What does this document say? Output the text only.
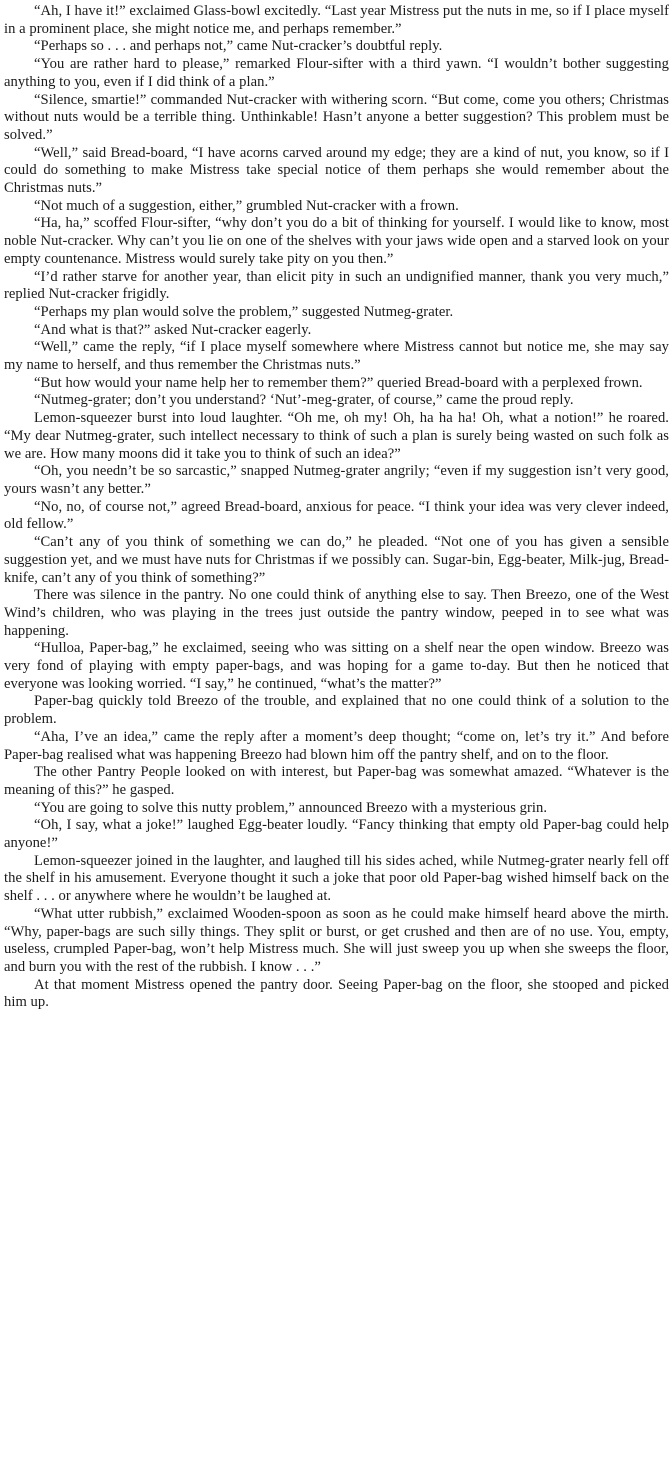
“Ah, I have it!” exclaimed Glass-bowl excitedly. “Last year Mistress put the nuts in me, so if I place myself in a prominent place, she might notice me, and perhaps remember.”

“Perhaps so . . . and perhaps not,” came Nut-cracker’s doubtful reply.

“You are rather hard to please,” remarked Flour-sifter with a third yawn. “I wouldn’t bother suggesting anything to you, even if I did think of a plan.”

“Silence, smartie!” commanded Nut-cracker with withering scorn. “But come, come you others; Christmas without nuts would be a terrible thing. Unthinkable! Hasn’t anyone a better suggestion? This problem must be solved.”

“Well,” said Bread-board, “I have acorns carved around my edge; they are a kind of nut, you know, so if I could do something to make Mistress take special notice of them perhaps she would remember about the Christmas nuts.”

“Not much of a suggestion, either,” grumbled Nut-cracker with a frown.

“Ha, ha,” scoffed Flour-sifter, “why don’t you do a bit of thinking for yourself. I would like to know, most noble Nut-cracker. Why can’t you lie on one of the shelves with your jaws wide open and a starved look on your empty countenance. Mistress would surely take pity on you then.”

“I’d rather starve for another year, than elicit pity in such an undignified manner, thank you very much,” replied Nut-cracker frigidly.

“Perhaps my plan would solve the problem,” suggested Nutmeg-grater.

“And what is that?” asked Nut-cracker eagerly.

“Well,” came the reply, “if I place myself somewhere where Mistress cannot but notice me, she may say my name to herself, and thus remember the Christmas nuts.”

“But how would your name help her to remember them?” queried Bread-board with a perplexed frown.

“Nutmeg-grater; don’t you understand? ‘Nut’-meg-grater, of course,” came the proud reply.

Lemon-squeezer burst into loud laughter. “Oh me, oh my! Oh, ha ha ha! Oh, what a notion!” he roared. “My dear Nutmeg-grater, such intellect necessary to think of such a plan is surely being wasted on such folk as we are. How many moons did it take you to think of such an idea?”

“Oh, you needn’t be so sarcastic,” snapped Nutmeg-grater angrily; “even if my suggestion isn’t very good, yours wasn’t any better.”

“No, no, of course not,” agreed Bread-board, anxious for peace. “I think your idea was very clever indeed, old fellow.”

“Can’t any of you think of something we can do,” he pleaded. “Not one of you has given a sensible suggestion yet, and we must have nuts for Christmas if we possibly can. Sugar-bin, Egg-beater, Milk-jug, Bread-knife, can’t any of you think of something?”

There was silence in the pantry. No one could think of anything else to say. Then Breezo, one of the West Wind’s children, who was playing in the trees just outside the pantry window, peeped in to see what was happening.

“Hulloa, Paper-bag,” he exclaimed, seeing who was sitting on a shelf near the open window. Breezo was very fond of playing with empty paper-bags, and was hoping for a game to-day. But then he noticed that everyone was looking worried. “I say,” he continued, “what’s the matter?”

Paper-bag quickly told Breezo of the trouble, and explained that no one could think of a solution to the problem.

“Aha, I’ve an idea,” came the reply after a moment’s deep thought; “come on, let’s try it.” And before Paper-bag realised what was happening Breezo had blown him off the pantry shelf, and on to the floor.

The other Pantry People looked on with interest, but Paper-bag was somewhat amazed. “Whatever is the meaning of this?” he gasped.

“You are going to solve this nutty problem,” announced Breezo with a mysterious grin.

“Oh, I say, what a joke!” laughed Egg-beater loudly. “Fancy thinking that empty old Paper-bag could help anyone!”

Lemon-squeezer joined in the laughter, and laughed till his sides ached, while Nutmeg-grater nearly fell off the shelf in his amusement. Everyone thought it such a joke that poor old Paper-bag wished himself back on the shelf . . . or anywhere where he wouldn’t be laughed at.

“What utter rubbish,” exclaimed Wooden-spoon as soon as he could make himself heard above the mirth. “Why, paper-bags are such silly things. They split or burst, or get crushed and then are of no use. You, empty, useless, crumpled Paper-bag, won’t help Mistress much. She will just sweep you up when she sweeps the floor, and burn you with the rest of the rubbish. I know . . .”

At that moment Mistress opened the pantry door. Seeing Paper-bag on the floor, she stooped and picked him up.
